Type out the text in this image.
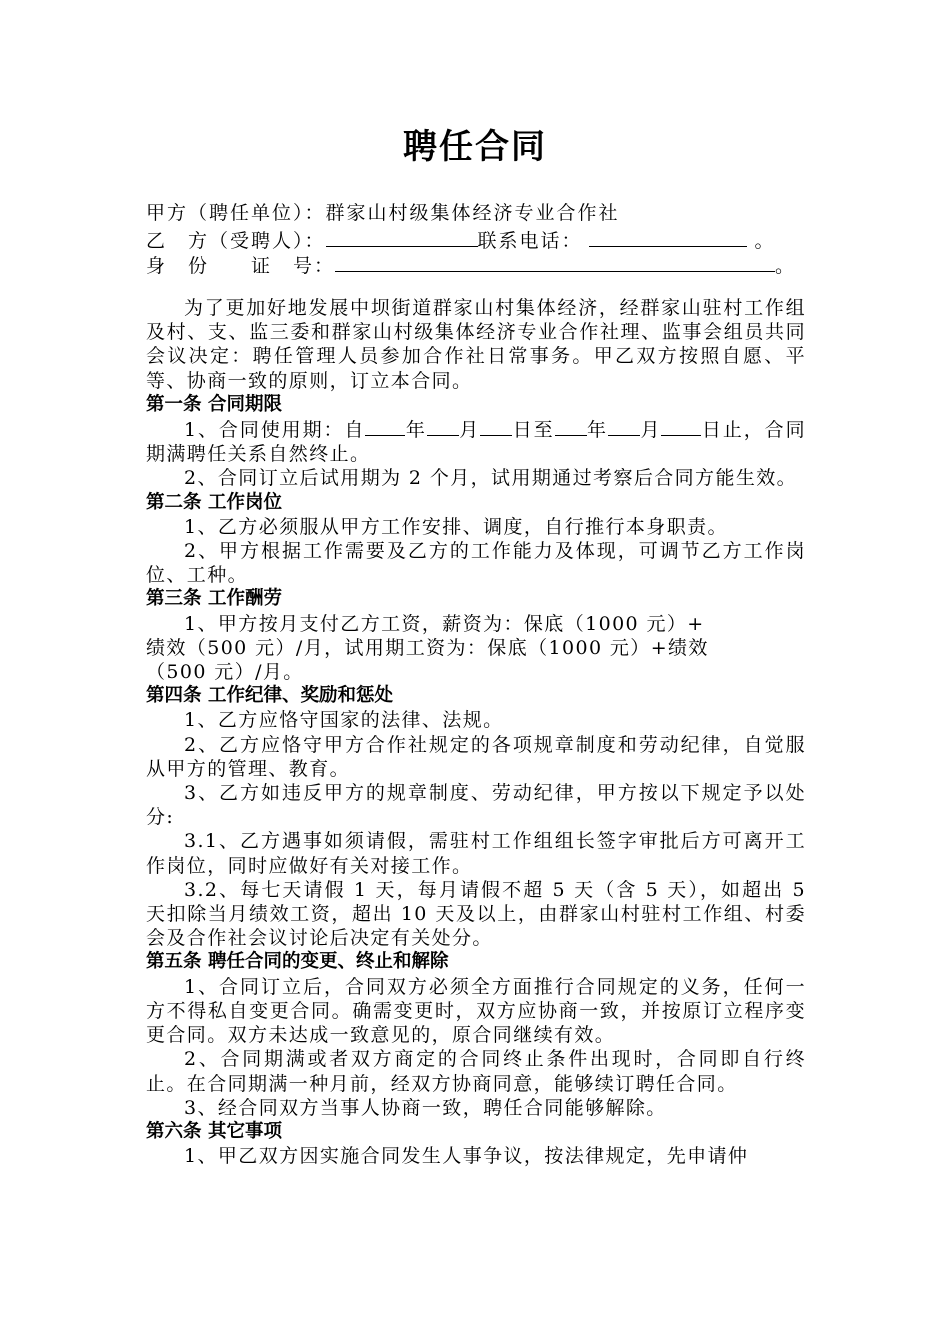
聘任合同
甲方（聘任单位）：群家山村级集体经济专业合作社
乙　方（受聘人）：	联系电话：	。
身　份　　证　号：	。

为了更加好地发展中坝街道群家山村集体经济，经群家山驻村工作组及村、支、监三委和群家山村级集体经济专业合作社理、监事会组员共同会议决定：聘任管理人员参加合作社日常事务。甲乙双方按照自愿、平等、协商一致的原则，订立本合同。

第一条 合同期限

1、合同使用期：自 年 月 日至 年 月 日止，合同期满聘任关系自然终止。

2、合同订立后试用期为 2 个月，试用期通过考察后合同方能生效。

第二条 工作岗位

1、乙方必须服从甲方工作安排、调度，自行推行本身职责。

2、甲方根据工作需要及乙方的工作能力及体现，可调节乙方工作岗位、工种。

第三条 工作酬劳

1、甲方按月支付乙方工资，薪资为：保底（1000 元）+

绩效（500 元）/月，试用期工资为：保底（1000 元）+绩效

（500 元）/月。

第四条 工作纪律、奖励和惩处

1、乙方应恪守国家的法律、法规。

2、乙方应恪守甲方合作社规定的各项规章制度和劳动纪律，自觉服从甲方的管理、教育。

3、乙方如违反甲方的规章制度、劳动纪律，甲方按以下规定予以处分:

3.1、乙方遇事如须请假，需驻村工作组组长签字审批后方可离开工作岗位，同时应做好有关对接工作。

3.2、每七天请假 1 天，每月请假不超 5 天（含 5 天），如超出 5 天扣除当月绩效工资，超出 10 天及以上，由群家山村驻村工作组、村委会及合作社会议讨论后决定有关处分。

第五条 聘任合同的变更、终止和解除

1、合同订立后，合同双方必须全方面推行合同规定的义务，任何一方不得私自变更合同。确需变更时，双方应协商一致，并按原订立程序变更合同。双方未达成一致意见的，原合同继续有效。

2、合同期满或者双方商定的合同终止条件出现时，合同即自行终止。在合同期满一种月前，经双方协商同意，能够续订聘任合同。

3、经合同双方当事人协商一致，聘任合同能够解除。

第六条 其它事项

1、甲乙双方因实施合同发生人事争议，按法律规定，先申请仲
